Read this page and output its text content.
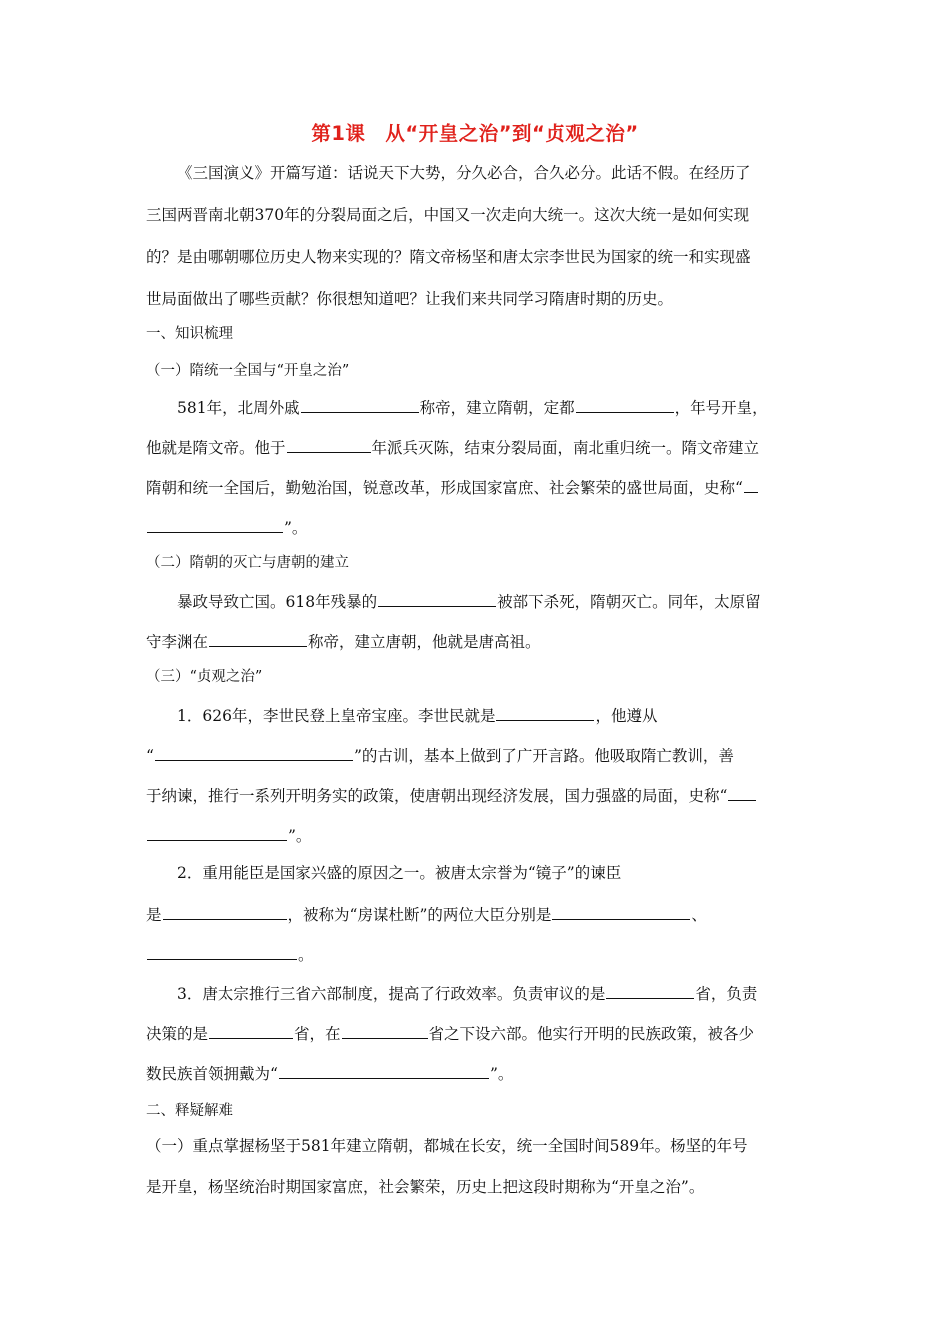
第1课　从“开皇之治”到“贞观之治”
《三国演义》开篇写道：话说天下大势，分久必合，合久必分。此话不假。在经历了
三国两晋南北朝370年的分裂局面之后，中国又一次走向大统一。这次大统一是如何实现
的？是由哪朝哪位历史人物来实现的？隋文帝杨坚和唐太宗李世民为国家的统一和实现盛
世局面做出了哪些贡献？你很想知道吧？让我们来共同学习隋唐时期的历史。
一、知识梳理
（一）隋统一全国与“开皇之治”
581年，北周外戚	称帝，建立隋朝，定都	，年号开皇，
他就是隋文帝。他于	年派兵灭陈，结束分裂局面，南北重归统一。隋文帝建立
隋朝和统一全国后，勤勉治国，锐意改革，形成国家富庶、社会繁荣的盛世局面，史称“
”。
（二）隋朝的灭亡与唐朝的建立
暴政导致亡国。618年残暴的	被部下杀死，隋朝灭亡。同年，太原留
守李渊在	称帝，建立唐朝，他就是唐高祖。
（三）“贞观之治”
1．626年，李世民登上皇帝宝座。李世民就是	，他遵从
“	”的古训，基本上做到了广开言路。他吸取隋亡教训，善
于纳谏，推行一系列开明务实的政策，使唐朝出现经济发展，国力强盛的局面，史称“
”。
2．重用能臣是国家兴盛的原因之一。被唐太宗誉为“镜子”的谏臣
是	，被称为“房谋杜断”的两位大臣分别是	、
。
3．唐太宗推行三省六部制度，提高了行政效率。负责审议的是	省，负责
决策的是	省，在	省之下设六部。他实行开明的民族政策，被各少
数民族首领拥戴为“	”。
二、释疑解难
（一）重点掌握杨坚于581年建立隋朝，都城在长安，统一全国时间589年。杨坚的年号
是开皇，杨坚统治时期国家富庶，社会繁荣，历史上把这段时期称为“开皇之治”。
